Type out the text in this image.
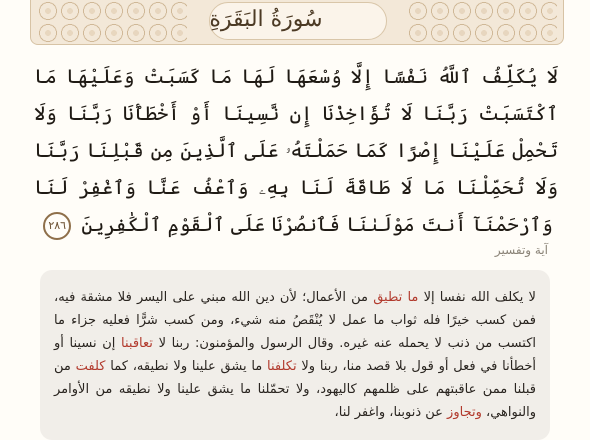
سُورَةُ البَقَرَةِ
لَا يُكَلِّفُ ٱللَّهُ نَفْسًا إِلَّا وُسْعَهَا لَهَا مَا كَسَبَتْ وَعَلَيْهَا مَا ٱكْتَسَبَتْ رَبَّنَا لَا تُؤَاخِذْنَا إِن نَّسِينَا أَوْ أَخْطَأْنَا رَبَّنَا وَلَا تَحْمِلْ عَلَيْنَا إِصْرًا كَمَا حَمَلْتَهُۥ عَلَى ٱلَّذِينَ مِن قَبْلِنَا رَبَّنَا وَلَا تُحَمِّلْنَا مَا لَا طَاقَةَ لَنَا بِهِۦ وَٱعْفُ عَنَّا وَٱغْفِرْ لَنَا وَٱرْحَمْنَآ أَنتَ مَوْلَىٰنَا فَٱنصُرْنَا عَلَى ٱلْقَوْمِ ٱلْكَٰفِرِينَ ٢٨٦
آية وتفسير
لا يكلف الله نفسا إلا ما تطيق من الأعمال؛ لأن دين الله مبني على اليسر فلا مشقة فيه، فمن كسب خيرًا فله ثواب ما عمل لا يُنْقَصُ منه شيء، ومن كسب شرًّا فعليه جزاء ما اكتسب من ذنب لا يحمله عنه غيره. وقال الرسول والمؤمنون: ربنا لا تعاقبنا إن نسينا أو أخطأنا في فعل أو قول بلا قصد منا، ربنا ولا تكلفنا ما يشق علينا ولا نطيقه، كما كلفت من قبلنا ممن عاقبتهم على ظلمهم كاليهود، ولا تحمّلنا ما يشق علينا ولا نطيقه من الأوامر والنواهي، وتجاوز عن ذنوبنا، واغفر لنا،
